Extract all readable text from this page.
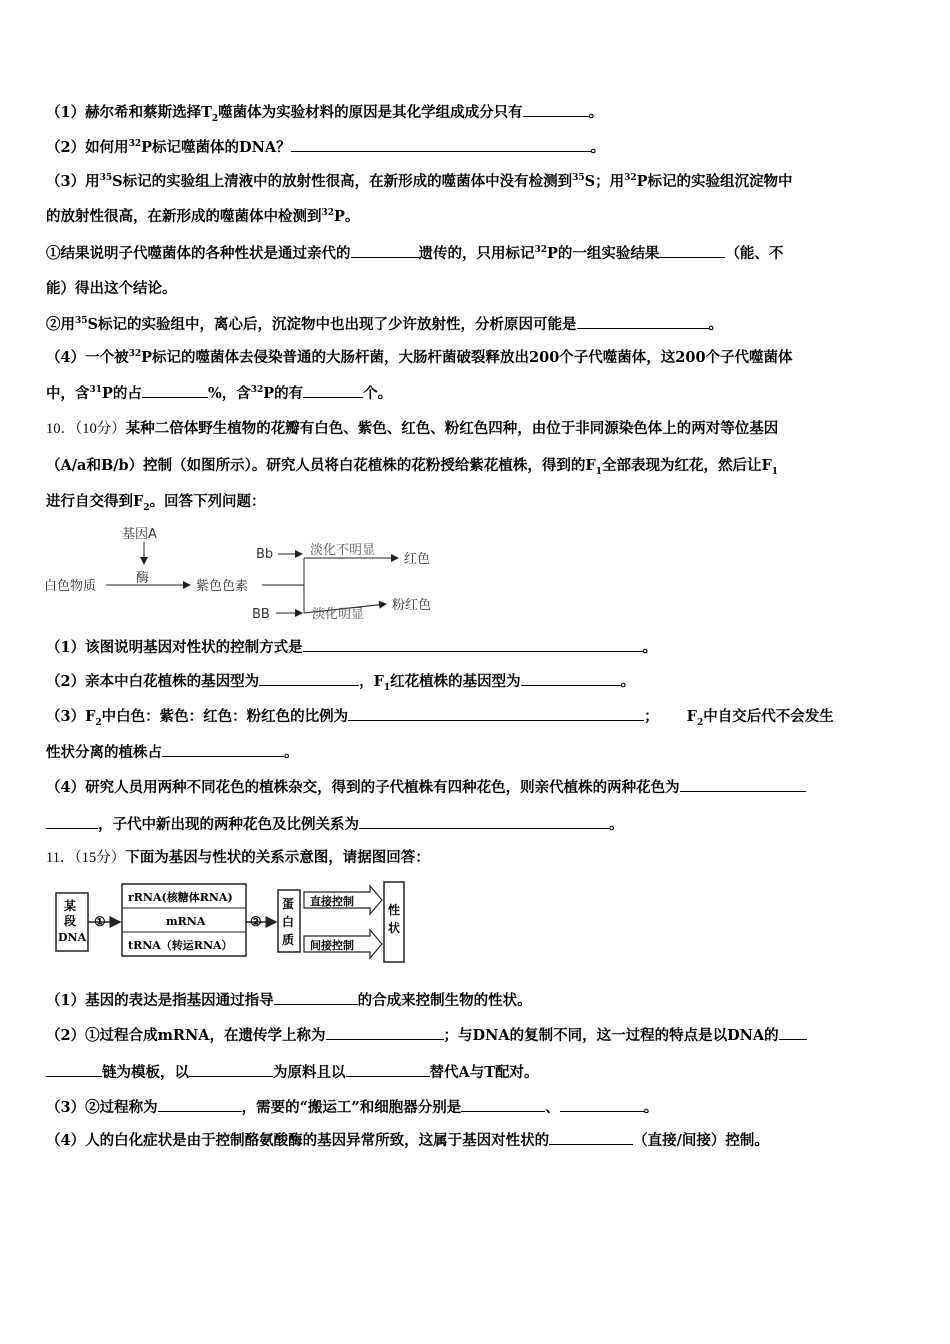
（1）赫尔希和蔡斯选择$T_2$噬菌体为实验材料的原因是其化学组成成分只有	。
（2）如何用$^{32}$P标记噬菌体的DNA？	。
（3）用$^{35}$S标记的实验组上清液中的放射性很高，在新形成的噬菌体中没有检测到$^{35}$S；用$^{32}$P标记的实验组沉淀物中
的放射性很高，在新形成的噬菌体中检测到$^{32}$P。
①结果说明子代噬菌体的各种性状是通过亲代的	遗传的，只用标记$^{32}$P的一组实验结果	（能、不
能）得出这个结论。
②用$^{35}$S标记的实验组中，离心后，沉淀物中也出现了少许放射性，分析原因可能是	。
（4）一个被$^{32}$P标记的噬菌体去侵染普通的大肠杆菌，大肠杆菌破裂释放出200个子代噬菌体，这200个子代噬菌体
中，含$^{31}$P的占	%，含$^{32}$P的有	个。
10．（10分）某种二倍体野生植物的花瓣有白色、紫色、红色、粉红色四种，由位于非同源染色体上的两对等位基因
（A/a和B/b）控制（如图所示）。研究人员将白花植株的花粉授给紫花植株，得到的$F_1$全部表现为红花，然后让$F_1$
进行自交得到$F_2$。回答下列问题：
基因A
酶
白色物质	紫色色素
Bb	淡化不明显
红色
BB	淡化明显
粉红色
（1）该图说明基因对性状的控制方式是	。
（2）亲本中白花植株的基因型为	，$F_1$红花植株的基因型为	。
$(3)F_2$中白色：紫色：红色：粉红色的比例为	； $F_2$中自交后代不会发生
性状分离的植株占	。
（4）研究人员用两种不同花色的植株杂交，得到的子代植株有四种花色，则亲代植株的两种花色为
，子代中新出现的两种花色及比例关系为	。
11．（15分）下面为基因与性状的关系示意图，请据图回答：
某
段
DNA
①
rRNA(核糖体RNA)
mRNA
tRNA（转运RNA）
②
蛋
白
质
直接控制
间接控制
性
状
（1）基因的表达是指基因通过指导	的合成来控制生物的性状。
（2）①过程合成mRNA，在遗传学上称为	；与DNA的复制不同，这一过程的特点是以DNA的
链为模板，以	为原料且以	替代A与T配对。
（3）②过程称为	，需要的“搬运工”和细胞器分别是	、	。
（4）人的白化症状是由于控制酪氨酸酶的基因异常所致，这属于基因对性状的	（直接/间接）控制。
